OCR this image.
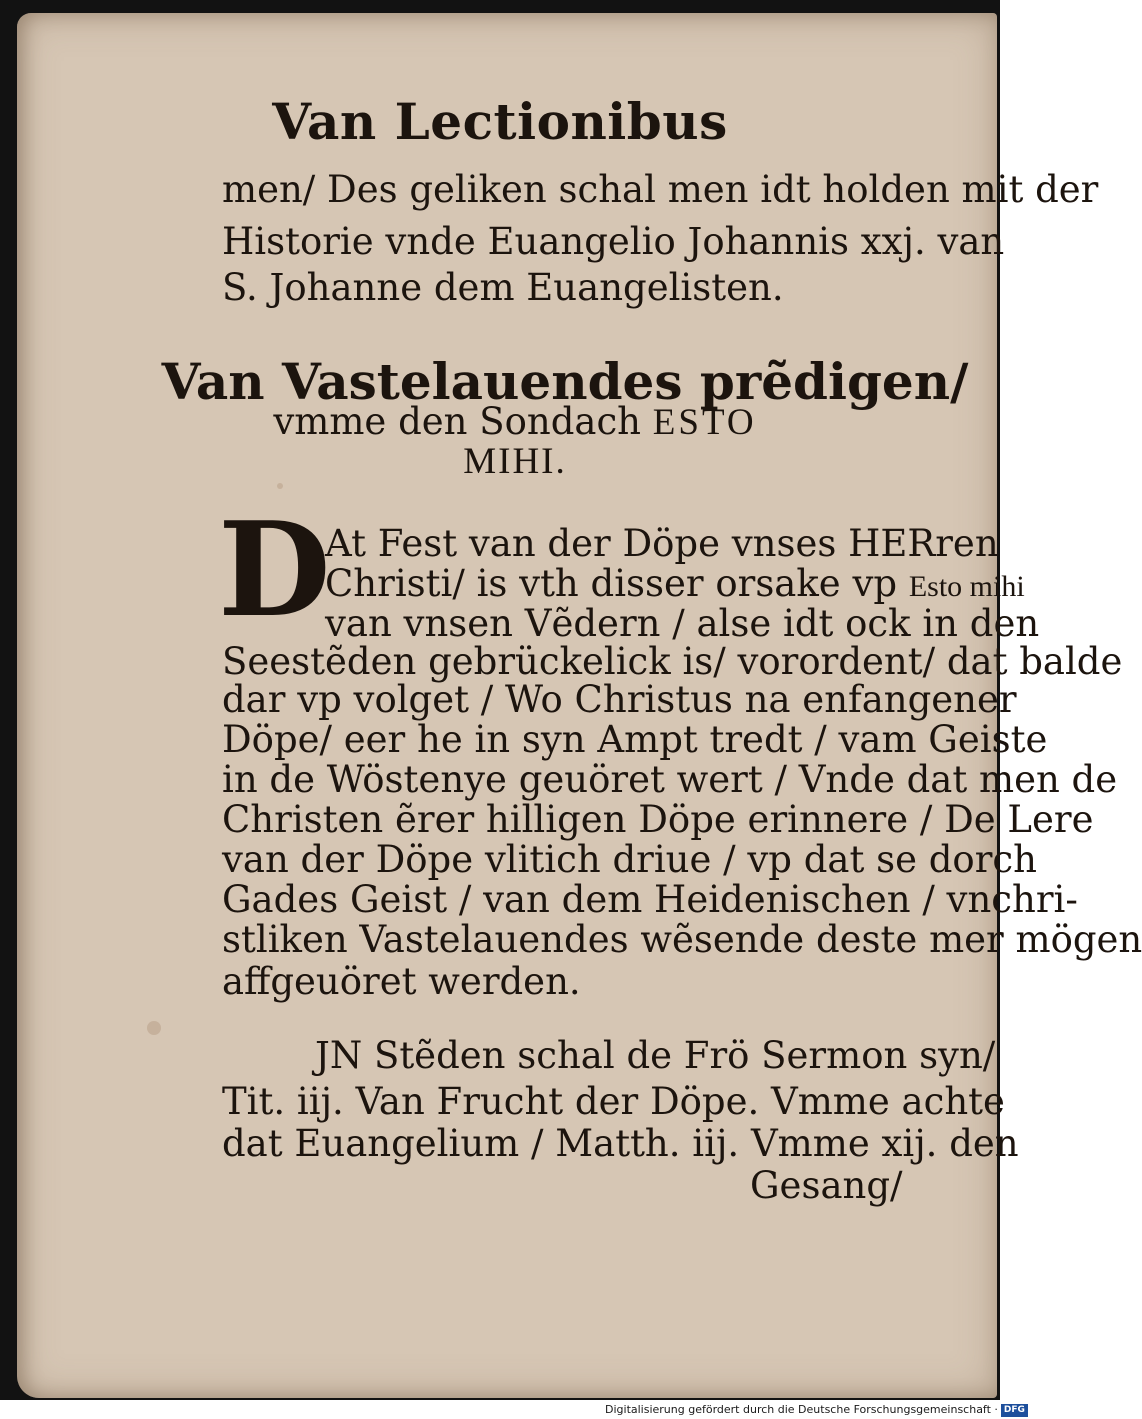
Van Lectionibus
men/ Des geliken schal men idt holden mit der
Historie vnde Euangelio Johannis xxj. van
S. Johanne dem Euangelisten.
Van Vastelauendes prẽdigen/
vmme den Sondach ESTO
MIHI.
D
At Fest van der Döpe vnses HERren
Christi/ is vth disser orsake vp Esto mihi
van vnsen Vẽdern / alse idt ock in den
Seestẽden gebrückelick is/ vorordent/ dat balde
dar vp volget / Wo Christus na enfangener
Döpe/ eer he in syn Ampt tredt / vam Geiste
in de Wöstenye geuöret wert / Vnde dat men de
Christen ẽrer hilligen Döpe erinnere / De Lere
van der Döpe vlitich driue / vp dat se dorch
Gades Geist / van dem Heidenischen / vnchri-
stliken Vastelauendes wẽsende deste mer mögen
affgeuöret werden.
JN Stẽden schal de Frö Sermon syn/
Tit. iij. Van Frucht der Döpe. Vmme achte
dat Euangelium / Matth. iij. Vmme xij. den
Gesang/
Digitalisierung gefördert durch die Deutsche Forschungsgemeinschaft · DFG
